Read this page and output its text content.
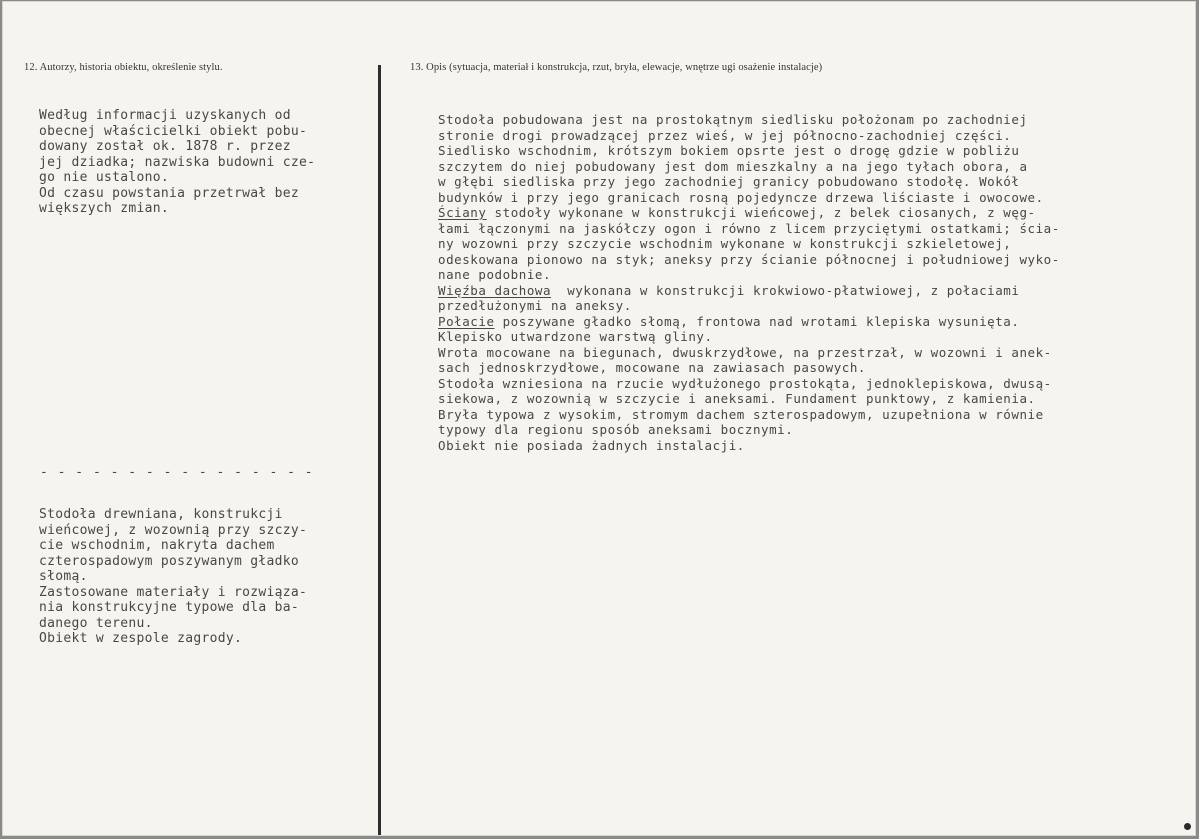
12. Autorzy, historia obiektu, określenie stylu.	13. Opis (sytuacja, materiał i konstrukcja, rzut, bryła, elewacje, wnętrze ugi osażenie instalacje)
Według informacji uzyskanych od
obecnej właścicielki obiekt pobu-
dowany został ok. 1878 r. przez
jej dziadka; nazwiska budowni cze-
go nie ustalono.
Od czasu powstania przetrwał bez
większych zmian.
- - - - - - - - - - - - - - - -
Stodoła drewniana, konstrukcji
wieńcowej, z wozownią przy szczy-
cie wschodnim, nakryta dachem
czterospadowym poszywanym gładko
słomą.
Zastosowane materiały i rozwiąza-
nia konstrukcyjne typowe dla ba-
danego terenu.
Obiekt w zespole zagrody.
Stodoła pobudowana jest na prostokątnym siedlisku położonam po zachodniej
stronie drogi prowadzącej przez wieś, w jej północno-zachodniej części.
Siedlisko wschodnim, krótszym bokiem opsrte jest o drogę gdzie w pobliżu
szczytem do niej pobudowany jest dom mieszkalny a na jego tyłach obora, a
w głębi siedliska przy jego zachodniej granicy pobudowano stodołę. Wokół
budynków i przy jego granicach rosną pojedyncze drzewa liściaste i owocowe.
Ściany stodoły wykonane w konstrukcji wieńcowej, z belek ciosanych, z węg-
łami łączonymi na jaskółczy ogon i równo z licem przyciętymi ostatkami; ścia-
ny wozowni przy szczycie wschodnim wykonane w konstrukcji szkieletowej,
odeskowana pionowo na styk; aneksy przy ścianie północnej i południowej wyko-
nane podobnie.
Więźba dachowa  wykonana w konstrukcji krokwiowo-płatwiowej, z połaciami
przedłużonymi na aneksy.
Połacie poszywane gładko słomą, frontowa nad wrotami klepiska wysunięta.
Klepisko utwardzone warstwą gliny.
Wrota mocowane na biegunach, dwuskrzydłowe, na przestrzał, w wozowni i anek-
sach jednoskrzydłowe, mocowane na zawiasach pasowych.
Stodoła wzniesiona na rzucie wydłużonego prostokąta, jednoklepiskowa, dwusą-
siekowa, z wozownią w szczycie i aneksami. Fundament punktowy, z kamienia.
Bryła typowa z wysokim, stromym dachem szterospadowym, uzupełniona w równie
typowy dla regionu sposób aneksami bocznymi.
Obiekt nie posiada żadnych instalacji.
